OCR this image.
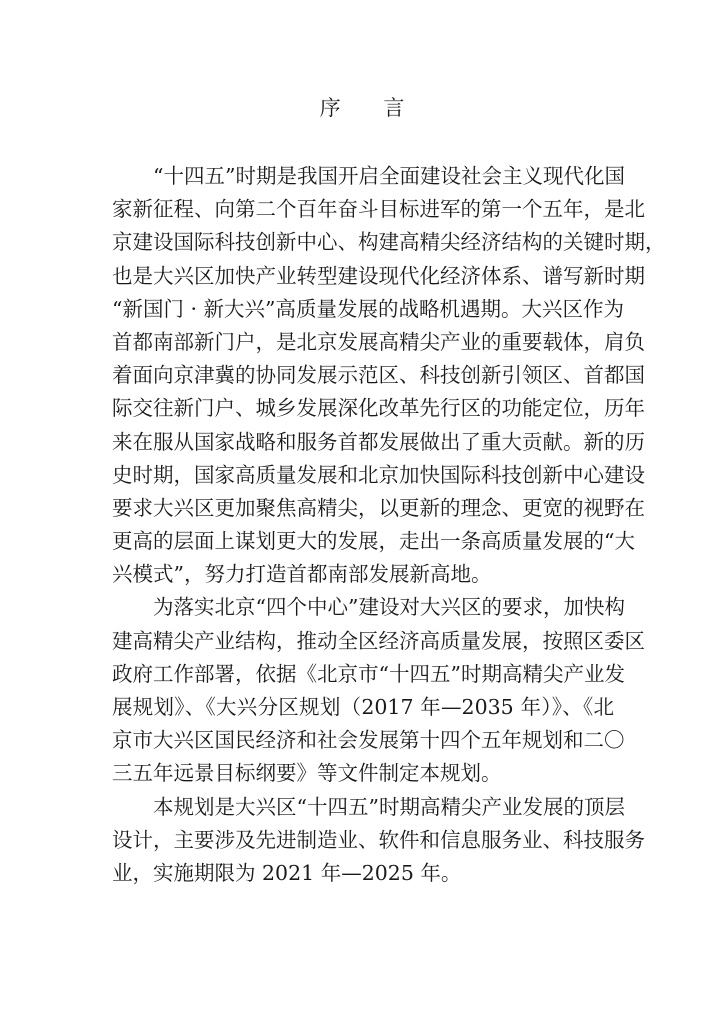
序 言
“十四五”时期是我国开启全面建设社会主义现代化国
家新征程、向第二个百年奋斗目标进军的第一个五年，是北
京建设国际科技创新中心、构建高精尖经济结构的关键时期，
也是大兴区加快产业转型建设现代化经济体系、谱写新时期
“新国门 · 新大兴”高质量发展的战略机遇期。大兴区作为
首都南部新门户，是北京发展高精尖产业的重要载体，肩负
着面向京津冀的协同发展示范区、科技创新引领区、首都国
际交往新门户、城乡发展深化改革先行区的功能定位，历年
来在服从国家战略和服务首都发展做出了重大贡献。新的历
史时期，国家高质量发展和北京加快国际科技创新中心建设
要求大兴区更加聚焦高精尖，以更新的理念、更宽的视野在
更高的层面上谋划更大的发展，走出一条高质量发展的“大
兴模式”，努力打造首都南部发展新高地。
为落实北京“四个中心”建设对大兴区的要求，加快构
建高精尖产业结构，推动全区经济高质量发展，按照区委区
政府工作部署，依据《北京市“十四五”时期高精尖产业发
展规划》、《大兴分区规划（2017 年—2035 年）》、《北
京市大兴区国民经济和社会发展第十四个五年规划和二〇
三五年远景目标纲要》等文件制定本规划。
本规划是大兴区“十四五”时期高精尖产业发展的顶层
设计，主要涉及先进制造业、软件和信息服务业、科技服务
业，实施期限为 2021 年—2025 年。
